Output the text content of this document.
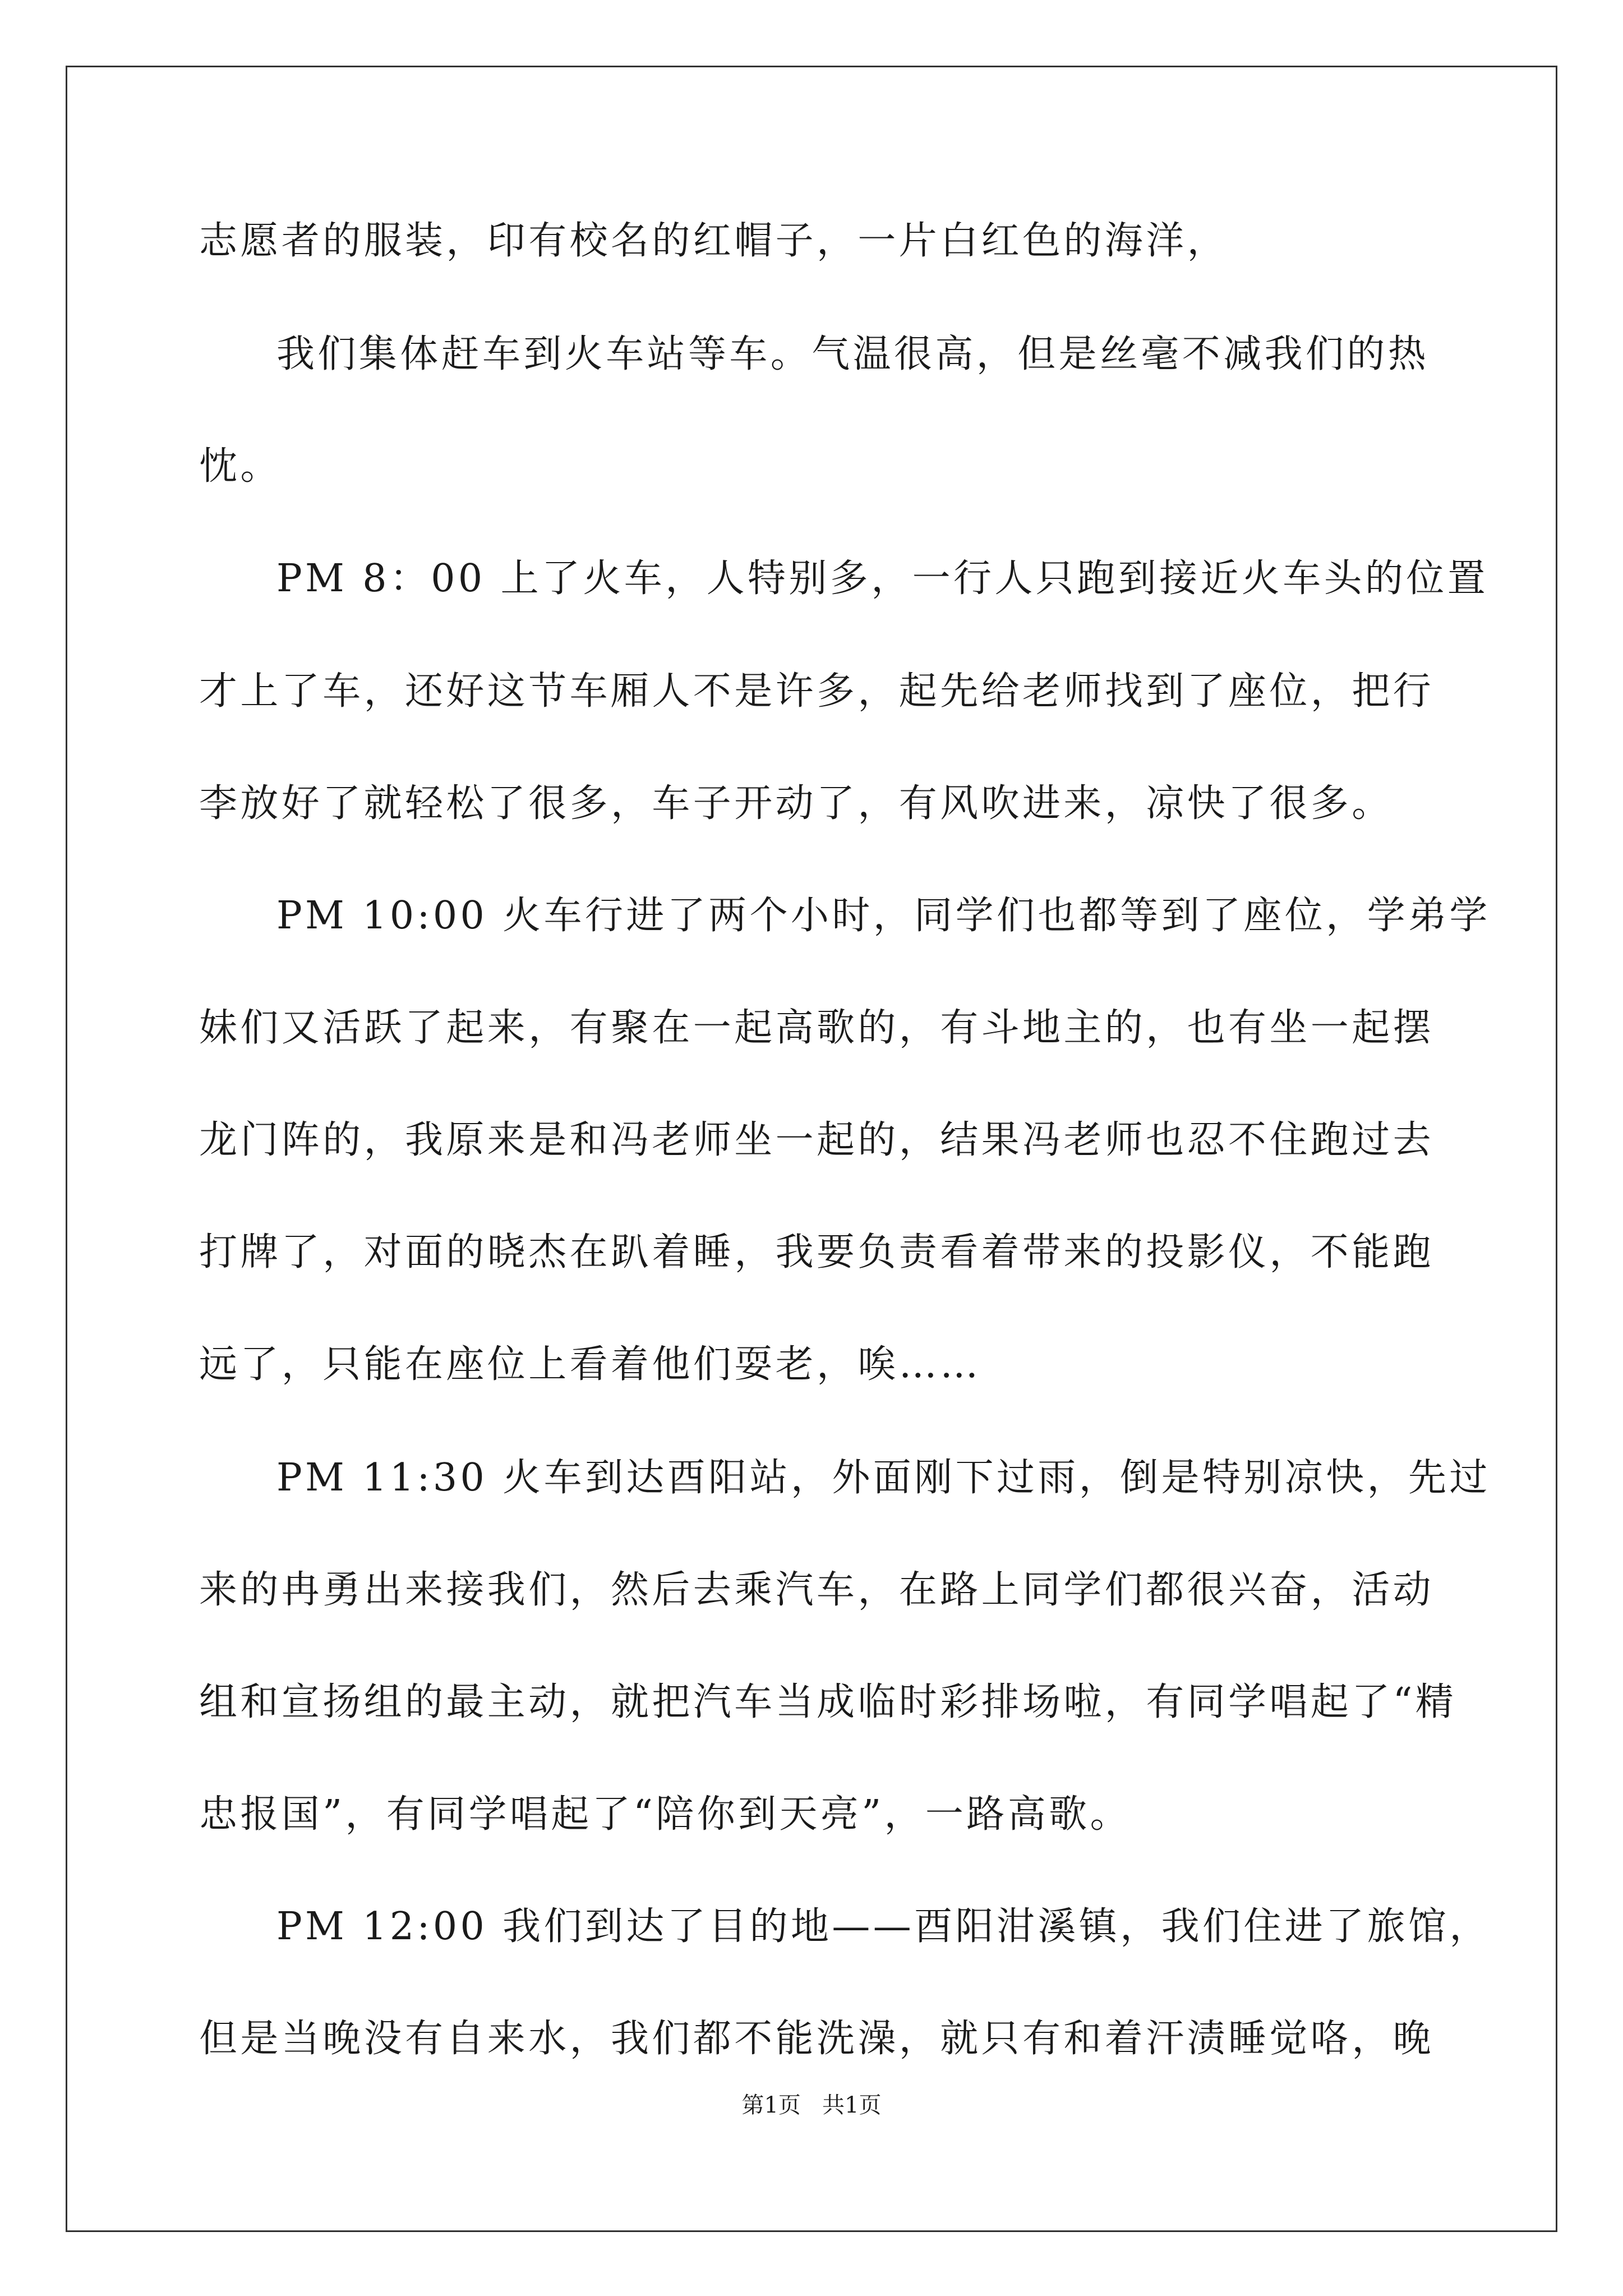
志愿者的服装，印有校名的红帽子，一片白红色的海洋，
我们集体赶车到火车站等车。气温很高，但是丝毫不减我们的热
忱。
PM 8：00 上了火车，人特别多，一行人只跑到接近火车头的位置
才上了车，还好这节车厢人不是许多，起先给老师找到了座位，把行
李放好了就轻松了很多，车子开动了，有风吹进来，凉快了很多。
PM 10:00 火车行进了两个小时，同学们也都等到了座位，学弟学
妹们又活跃了起来，有聚在一起高歌的，有斗地主的，也有坐一起摆
龙门阵的，我原来是和冯老师坐一起的，结果冯老师也忍不住跑过去
打牌了，对面的晓杰在趴着睡，我要负责看着带来的投影仪，不能跑
远了，只能在座位上看着他们耍老，唉……
PM 11:30 火车到达酉阳站，外面刚下过雨，倒是特别凉快，先过
来的冉勇出来接我们，然后去乘汽车，在路上同学们都很兴奋，活动
组和宣扬组的最主动，就把汽车当成临时彩排场啦，有同学唱起了“精
忠报国”，有同学唱起了“陪你到天亮”，一路高歌。
PM 12:00 我们到达了目的地——酉阳泔溪镇，我们住进了旅馆，
但是当晚没有自来水，我们都不能洗澡，就只有和着汗渍睡觉咯，晚
第1页   共1页
